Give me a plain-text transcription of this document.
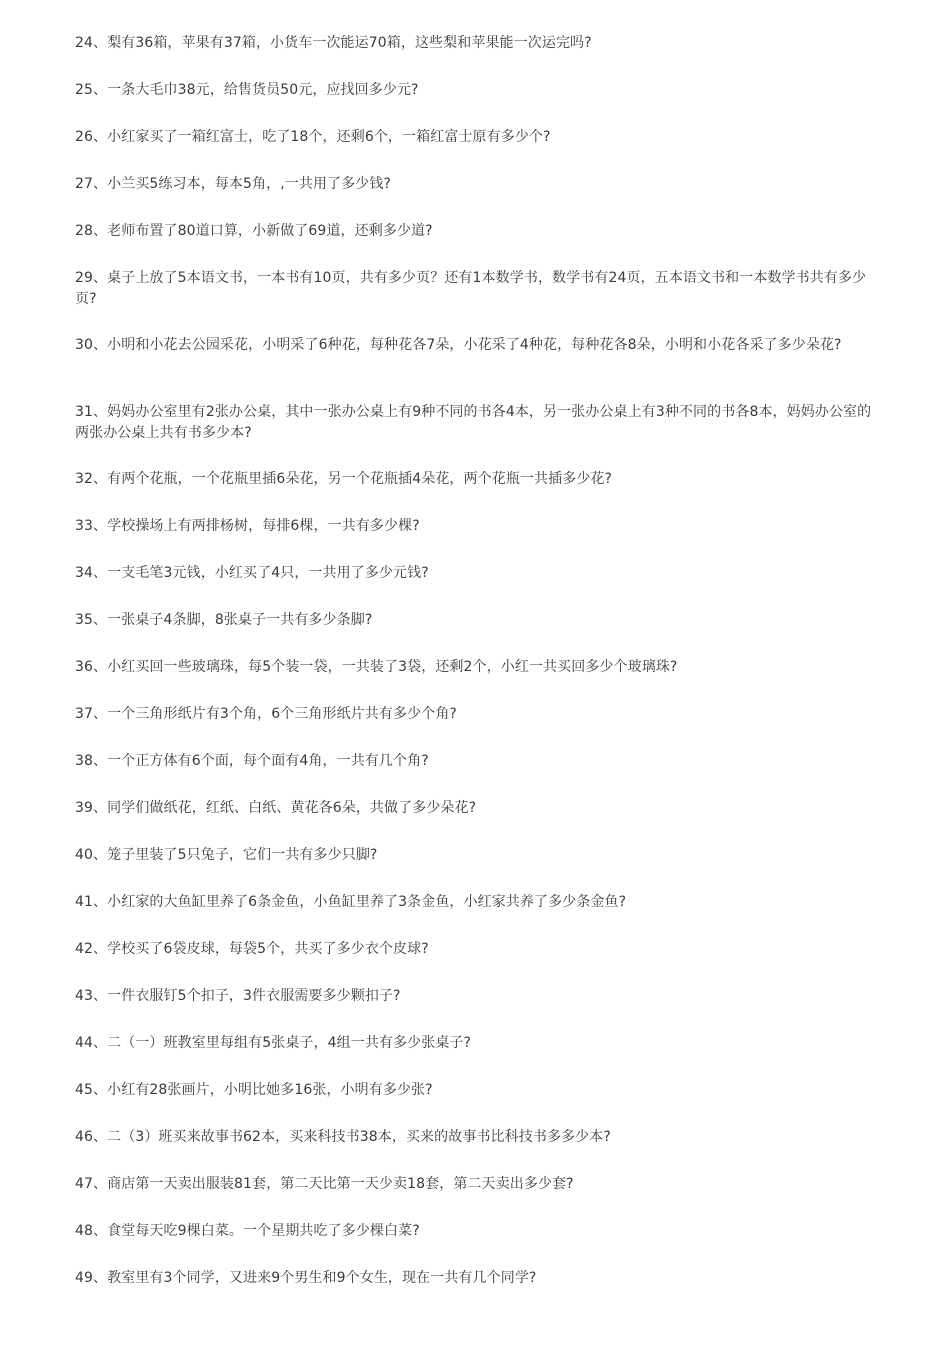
24、梨有36箱，苹果有37箱，小货车一次能运70箱，这些梨和苹果能一次运完吗?

25、一条大毛巾38元，给售货员50元，应找回多少元?

26、小红家买了一箱红富士，吃了18个，还剩6个，一箱红富士原有多少个?

27、小兰买5练习本，每本5角，,一共用了多少钱?

28、老师布置了80道口算，小新做了69道，还剩多少道?

29、桌子上放了5本语文书，一本书有10页，共有多少页？还有1本数学书，数学书有24页，五本语文书和一本数学书共有多少页?

30、小明和小花去公园采花，小明采了6种花，每种花各7朵，小花采了4种花，每种花各8朵，小明和小花各采了多少朵花?

31、妈妈办公室里有2张办公桌，其中一张办公桌上有9种不同的书各4本，另一张办公桌上有3种不同的书各8本，妈妈办公室的两张办公桌上共有书多少本?

32、有两个花瓶，一个花瓶里插6朵花，另一个花瓶插4朵花，两个花瓶一共插多少花?

33、学校操场上有两排杨树，每排6棵，一共有多少棵?

34、一支毛笔3元钱，小红买了4只，一共用了多少元钱?

35、一张桌子4条脚，8张桌子一共有多少条脚?

36、小红买回一些玻璃珠，每5个装一袋，一共装了3袋，还剩2个，小红一共买回多少个玻璃珠?

37、一个三角形纸片有3个角，6个三角形纸片共有多少个角?

38、一个正方体有6个面，每个面有4角，一共有几个角?

39、同学们做纸花，红纸、白纸、黄花各6朵，共做了多少朵花?

40、笼子里装了5只兔子，它们一共有多少只脚?

41、小红家的大鱼缸里养了6条金鱼，小鱼缸里养了3条金鱼，小红家共养了多少条金鱼?

42、学校买了6袋皮球，每袋5个，共买了多少衣个皮球?

43、一件衣服钉5个扣子，3件衣服需要多少颗扣子?

44、二（一）班教室里每组有5张桌子，4组一共有多少张桌子?

45、小红有28张画片，小明比她多16张，小明有多少张?

46、二（3）班买来故事书62本，买来科技书38本，买来的故事书比科技书多多少本?

47、商店第一天卖出服装81套，第二天比第一天少卖18套，第二天卖出多少套?

48、食堂每天吃9棵白菜。一个星期共吃了多少棵白菜?

49、教室里有3个同学，又进来9个男生和9个女生，现在一共有几个同学?
